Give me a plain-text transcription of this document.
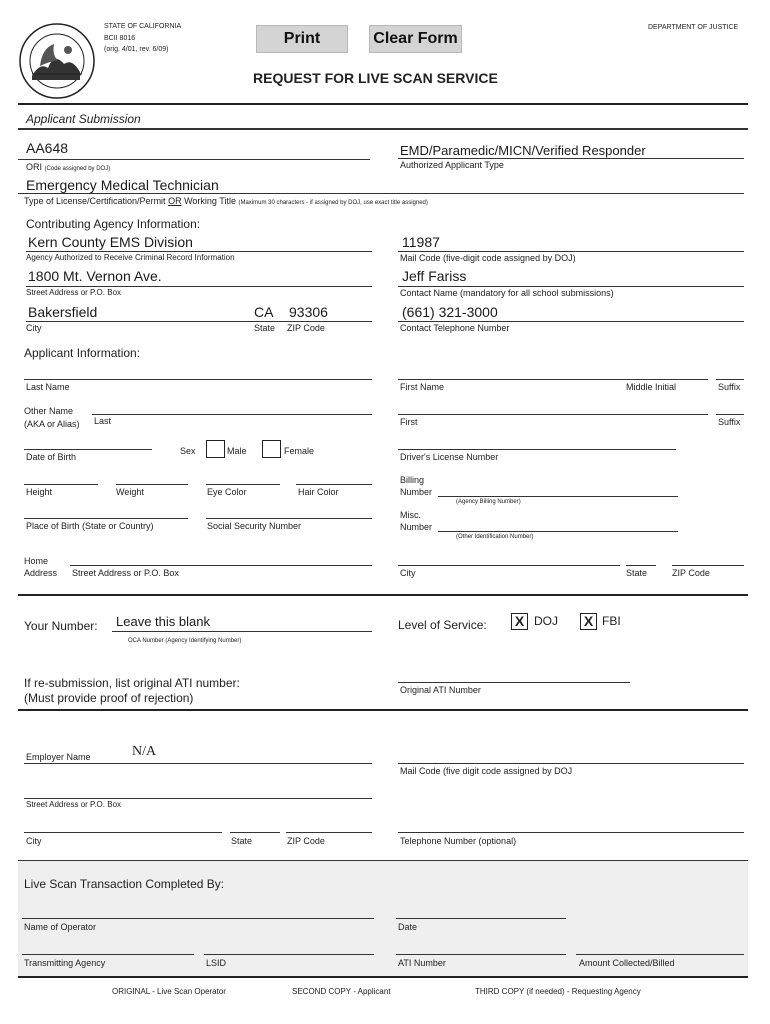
STATE OF CALIFORNIA
BCII 8016
(orig. 4/01, rev. 6/09)
Print	Clear Form
DEPARTMENT OF JUSTICE
REQUEST FOR LIVE SCAN SERVICE
Applicant Submission
AA648
ORI (Code assigned by DOJ)
EMD/Paramedic/MICN/Verified Responder
Authorized Applicant Type
Emergency Medical Technician
Type of License/Certification/Permit OR Working Title (Maximum 30 characters - if assigned by DOJ, use exact title assigned)
Contributing Agency Information:
Kern County EMS Division
Agency Authorized to Receive Criminal Record Information
11987
Mail Code (five-digit code assigned by DOJ)
1800 Mt. Vernon Ave.
Street Address or P.O. Box
Jeff Fariss
Contact Name (mandatory for all school submissions)
Bakersfield	CA 93306
City	State ZIP Code
(661) 321-3000
Contact Telephone Number
Applicant Information:
Last Name	First Name	Middle Initial	Suffix
Other Name
(AKA or Alias) Last	First	Suffix
Date of Birth
Sex	Male	Female
Driver's License Number
Height	Weight	Eye Color	Hair Color
Billing
Number
(Agency Billing Number)
Place of Birth (State or Country)	Social Security Number
Misc.
Number
(Other Identification Number)
Home
Address Street Address or P.O. Box	City	State	ZIP Code
Your Number: Leave this blank
OCA Number (Agency Identifying Number)
Level of Service: X DOJ X FBI
If re-submission, list original ATI number:
(Must provide proof of rejection)
Original ATI Number
Employer Name	N/A
Mail Code (five digit code assigned by DOJ
Street Address or P.O. Box
City	State	ZIP Code	Telephone Number (optional)
Live Scan Transaction Completed By:
Name of Operator	Date
Transmitting Agency	LSID	ATI Number	Amount Collected/Billed
ORIGINAL - Live Scan Operator	SECOND COPY - Applicant	THIRD COPY (if needed) - Requesting Agency
